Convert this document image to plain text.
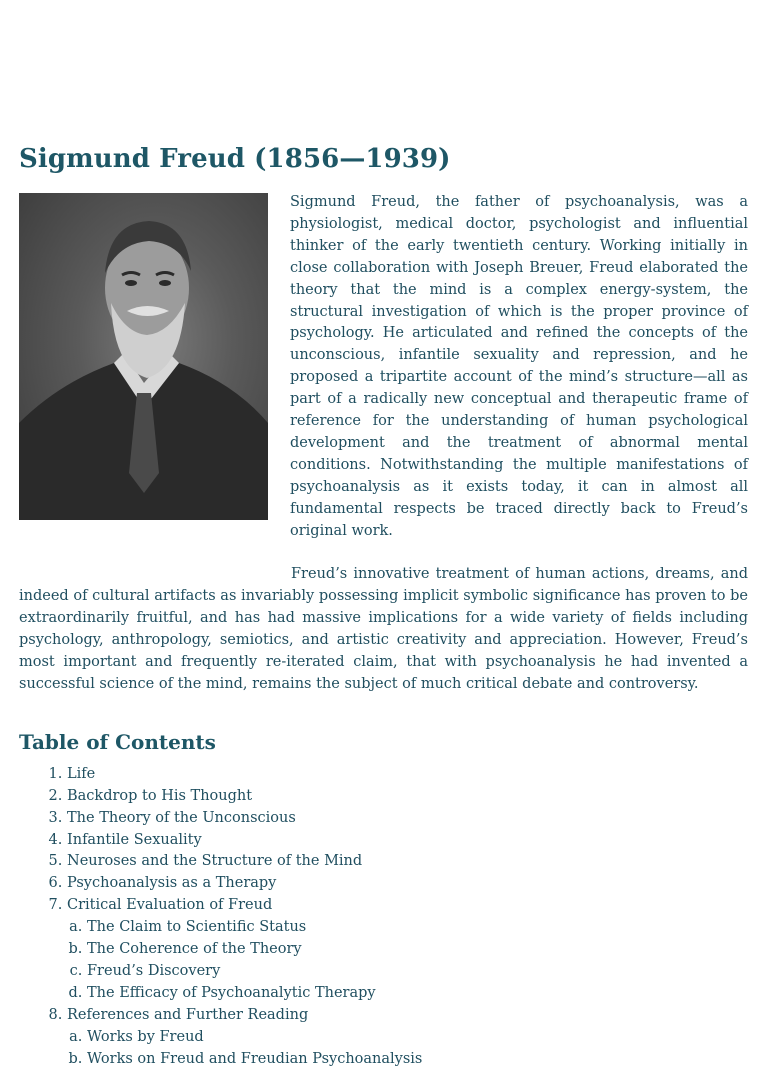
Sigmund Freud (1856—1939)

Sigmund Freud, the father of psychoanalysis, was a physiologist, medical doctor, psychologist and influential thinker of the early twentieth century. Working initially in close collaboration with Joseph Breuer, Freud elaborated the theory that the mind is a complex energy-system, the structural investigation of which is the proper province of psychology. He articulated and refined the concepts of the unconscious, infantile sexuality and repression, and he proposed a tripartite account of the mind’s structure—all as part of a radically new conceptual and therapeutic frame of reference for the understanding of human psychological development and the treatment of abnormal mental conditions. Notwithstanding the multiple manifestations of psychoanalysis as it exists today, it can in almost all fundamental respects be traced directly back to Freud’s original work.

Freud’s innovative treatment of human actions, dreams, and indeed of cultural artifacts as invariably possessing implicit symbolic significance has proven to be extraordinarily fruitful, and has had massive implications for a wide variety of fields including psychology, anthropology, semiotics, and artistic creativity and appreciation. However, Freud’s most important and frequently re-iterated claim, that with psychoanalysis he had invented a successful science of the mind, remains the subject of much critical debate and controversy.

Table of Contents
1. Life
2. Backdrop to His Thought
3. The Theory of the Unconscious
4. Infantile Sexuality
5. Neuroses and the Structure of the Mind
6. Psychoanalysis as a Therapy
7. Critical Evaluation of Freud
a. The Claim to Scientific Status
b. The Coherence of the Theory
c. Freud’s Discovery
d. The Efficacy of Psychoanalytic Therapy
8. References and Further Reading
a. Works by Freud
b. Works on Freud and Freudian Psychoanalysis
